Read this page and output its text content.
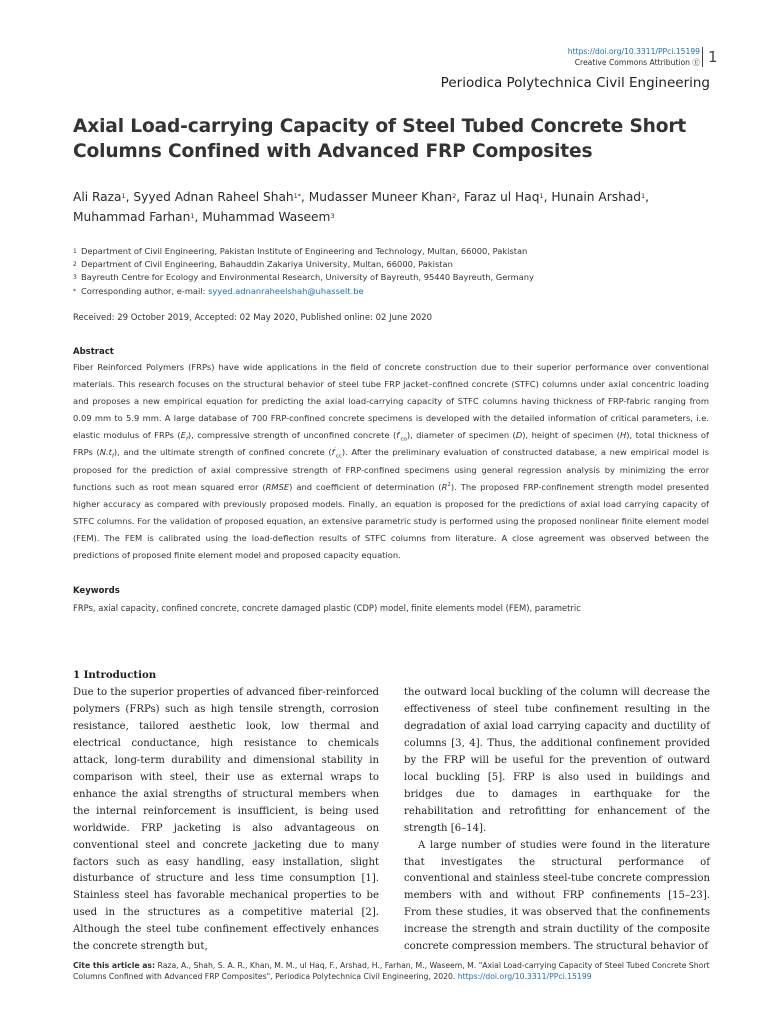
https://doi.org/10.3311/PPci.15199
Creative Commons Attribution Ⓔ 1
Periodica Polytechnica Civil Engineering
Axial Load-carrying Capacity of Steel Tubed Concrete Short Columns Confined with Advanced FRP Composites
Ali Raza$^1$, Syyed Adnan Raheel Shah$^{1*}$, Mudasser Muneer Khan$^2$, Faraz ul Haq$^1$, Hunain Arshad$^1$,
Muhammad Farhan$^1$, Muhammad Waseem$^3$
1 Department of Civil Engineering, Pakistan Institute of Engineering and Technology, Multan, 66000, Pakistan
2 Department of Civil Engineering, Bahauddin Zakariya University, Multan, 66000, Pakistan
3 Bayreuth Centre for Ecology and Environmental Research, University of Bayreuth, 95440 Bayreuth, Germany
* Corresponding author, e-mail: syyed.adnanraheelshah@uhasselt.be
Received: 29 October 2019, Accepted: 02 May 2020, Published online: 02 June 2020
Abstract
Fiber Reinforced Polymers (FRPs) have wide applications in the field of concrete construction due to their superior performance over conventional materials. This research focuses on the structural behavior of steel tube FRP jacket–confined concrete (STFC) columns under axial concentric loading and proposes a new empirical equation for predicting the axial load-carrying capacity of STFC columns having thickness of FRP-fabric ranging from 0.09 mm to 5.9 mm. A large database of 700 FRP-confined concrete specimens is developed with the detailed information of critical parameters, i.e. elastic modulus of FRPs $(E_f)$, compressive strength of unconfined concrete $(f'_{co})$, diameter of specimen (D), height of specimen (H), total thickness of FRPs $(N.t_f)$, and the ultimate strength of confined concrete $(f'_{cc})$. After the preliminary evaluation of constructed database, a new empirical model is proposed for the prediction of axial compressive strength of FRP-confined specimens using general regression analysis by minimizing the error functions such as root mean squared error (RMSE) and coefficient of determination $(R^2)$. The proposed FRP-confinement strength model presented higher accuracy as compared with previously proposed models. Finally, an equation is proposed for the predictions of axial load carrying capacity of STFC columns. For the validation of proposed equation, an extensive parametric study is performed using the proposed nonlinear finite element model (FEM). The FEM is calibrated using the load-deflection results of STFC columns from literature. A close agreement was observed between the predictions of proposed finite element model and proposed capacity equation.
Keywords
FRPs, axial capacity, confined concrete, concrete damaged plastic (CDP) model, finite elements model (FEM), parametric
1 Introduction
Due to the superior properties of advanced fiber-reinforced polymers (FRPs) such as high tensile strength, corrosion resistance, tailored aesthetic look, low thermal and electrical conductance, high resistance to chemicals attack, long-term durability and dimensional stability in comparison with steel, their use as external wraps to enhance the axial strengths of structural members when the internal reinforcement is insufficient, is being used worldwide. FRP jacketing is also advantageous on conventional steel and concrete jacketing due to many factors such as easy handling, easy installation, slight disturbance of structure and less time consumption [1]. Stainless steel has favorable mechanical properties to be used in the structures as a competitive material [2]. Although the steel tube confinement effectively enhances the concrete strength but,
the outward local buckling of the column will decrease the effectiveness of steel tube confinement resulting in the degradation of axial load carrying capacity and ductility of columns [3, 4]. Thus, the additional confinement provided by the FRP will be useful for the prevention of outward local buckling [5]. FRP is also used in buildings and bridges due to damages in earthquake for the rehabilitation and retrofitting for enhancement of the strength [6–14].
A large number of studies were found in the literature that investigates the structural performance of conventional and stainless steel-tube concrete compression members with and without FRP confinements [15–23]. From these studies, it was observed that the confinements increase the strength and strain ductility of the composite concrete compression members. The structural behavior of
Cite this article as: Raza, A., Shah, S. A. R., Khan, M. M., ul Haq, F., Arshad, H., Farhan, M., Waseem, M. "Axial Load-carrying Capacity of Steel Tubed Concrete Short Columns Confined with Advanced FRP Composites", Periodica Polytechnica Civil Engineering, 2020. https://doi.org/10.3311/PPci.15199
